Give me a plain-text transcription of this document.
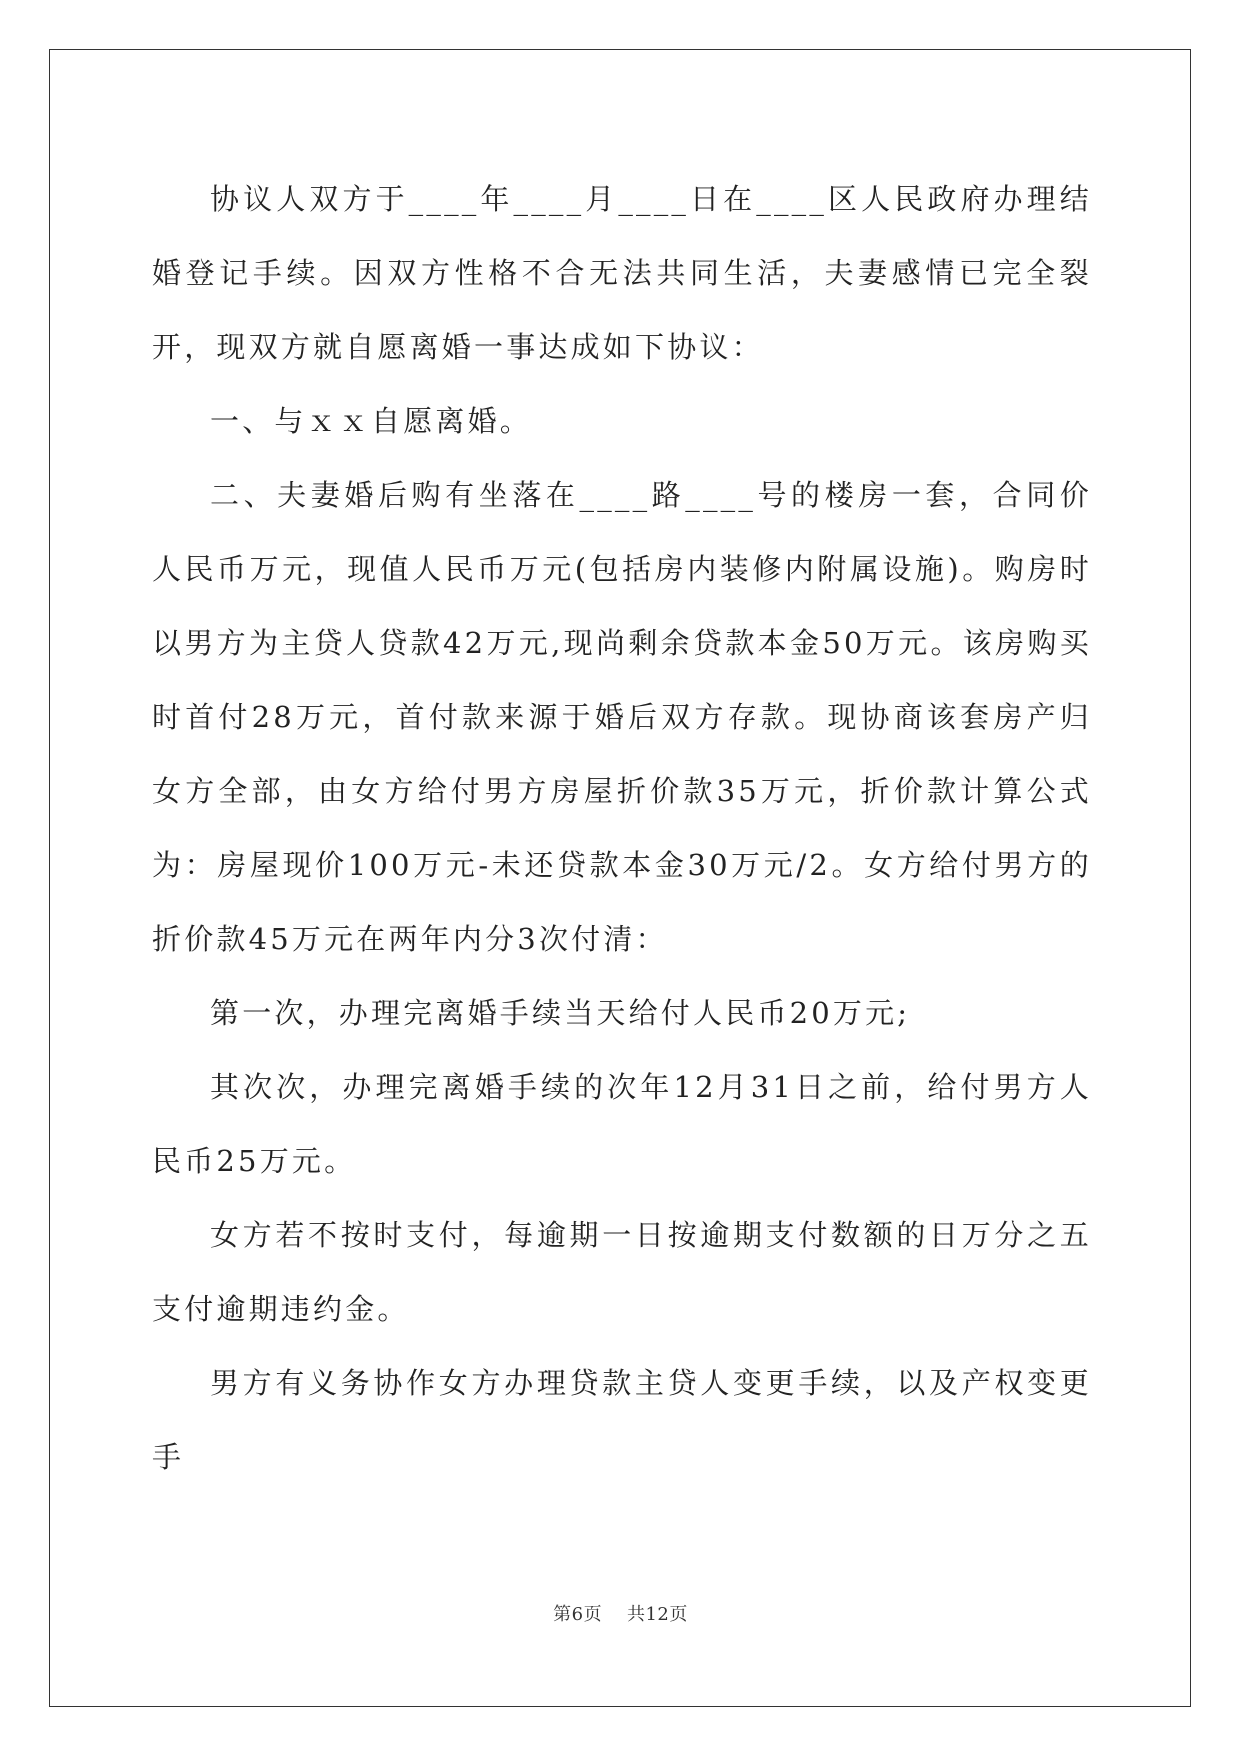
协议人双方于____年____月____日在____区人民政府办理结婚登记手续。因双方性格不合无法共同生活，夫妻感情已完全裂开，现双方就自愿离婚一事达成如下协议：

一、与ｘｘ自愿离婚。

二、夫妻婚后购有坐落在____路____号的楼房一套，合同价人民币万元，现值人民币万元(包括房内装修内附属设施)。购房时以男方为主贷人贷款42万元,现尚剩余贷款本金50万元。该房购买时首付28万元，首付款来源于婚后双方存款。现协商该套房产归女方全部，由女方给付男方房屋折价款35万元，折价款计算公式为：房屋现价100万元-未还贷款本金30万元/2。女方给付男方的折价款45万元在两年内分3次付清：

第一次，办理完离婚手续当天给付人民币20万元;

其次次，办理完离婚手续的次年12月31日之前，给付男方人民币25万元。

女方若不按时支付，每逾期一日按逾期支付数额的日万分之五支付逾期违约金。

男方有义务协作女方办理贷款主贷人变更手续，以及产权变更手

第6页    共12页
